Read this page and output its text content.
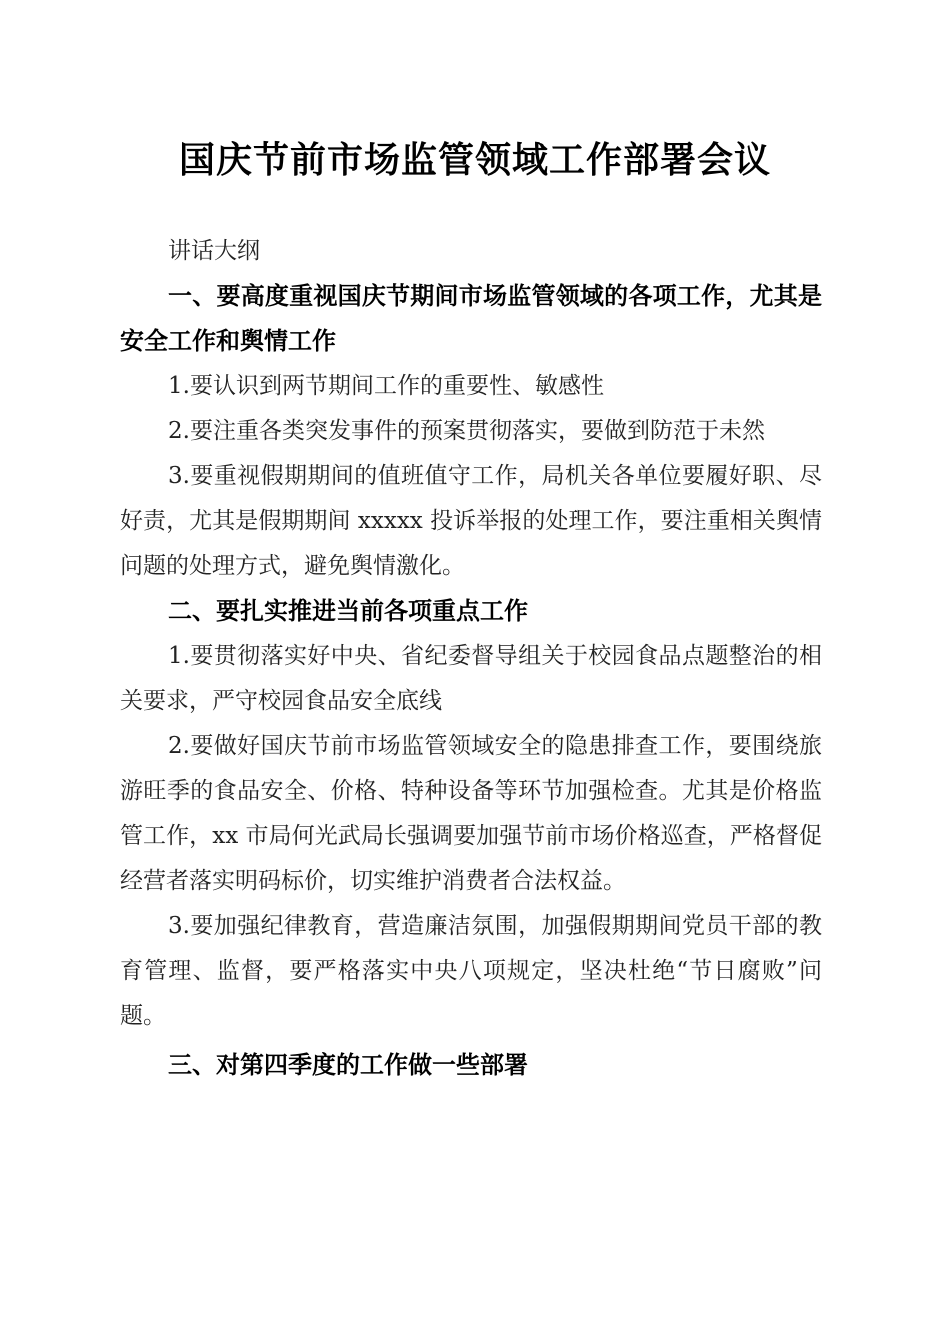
国庆节前市场监管领域工作部署会议

讲话大纲

一、要高度重视国庆节期间市场监管领域的各项工作，尤其是安全工作和舆情工作

1.要认识到两节期间工作的重要性、敏感性

2.要注重各类突发事件的预案贯彻落实，要做到防范于未然

3.要重视假期期间的值班值守工作，局机关各单位要履好职、尽好责，尤其是假期期间 xxxxx 投诉举报的处理工作，要注重相关舆情问题的处理方式，避免舆情激化。

二、要扎实推进当前各项重点工作

1.要贯彻落实好中央、省纪委督导组关于校园食品点题整治的相关要求，严守校园食品安全底线

2.要做好国庆节前市场监管领域安全的隐患排查工作，要围绕旅游旺季的食品安全、价格、特种设备等环节加强检查。尤其是价格监管工作，xx 市局何光武局长强调要加强节前市场价格巡查，严格督促经营者落实明码标价，切实维护消费者合法权益。

3.要加强纪律教育，营造廉洁氛围，加强假期期间党员干部的教育管理、监督，要严格落实中央八项规定，坚决杜绝“节日腐败”问题。

三、对第四季度的工作做一些部署
